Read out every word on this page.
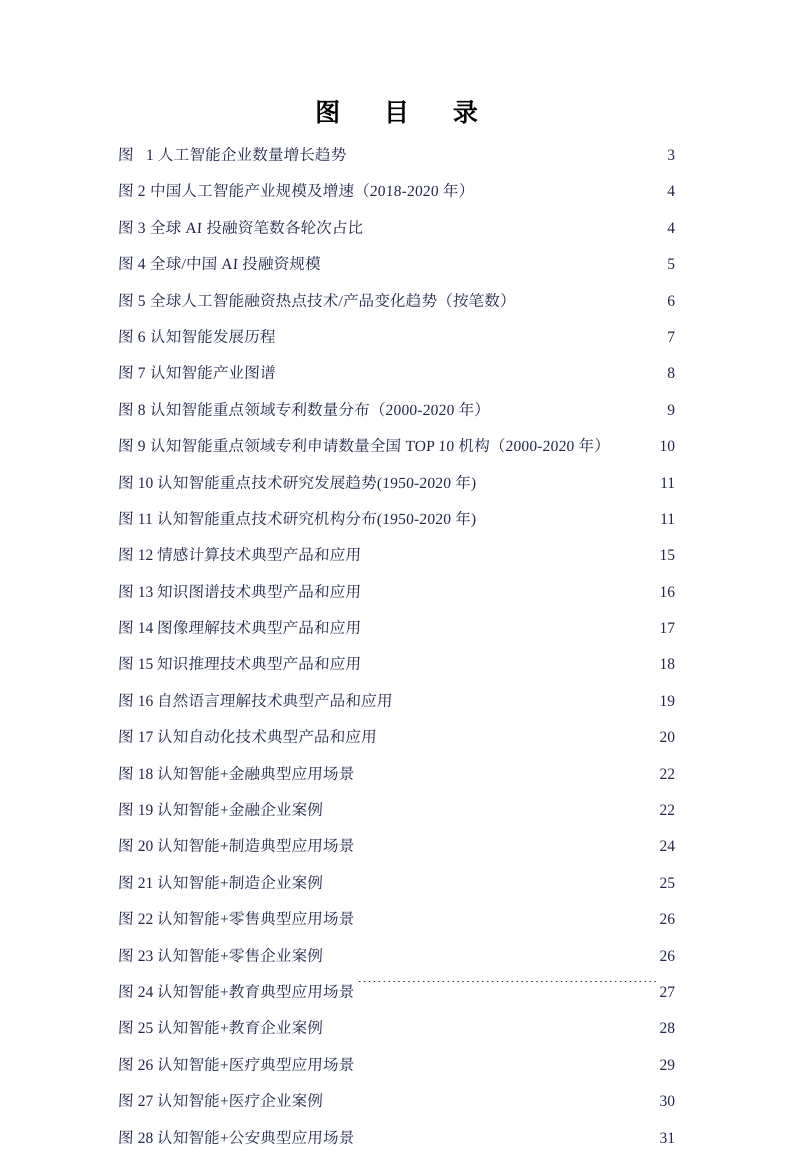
图  目  录
图 1 人工智能企业数量增长趋势 .....	3
图 2 中国人工智能产业规模及增速（2018-2020 年） .....	4
图 3 全球 AI 投融资笔数各轮次占比 .....	4
图 4 全球/中国 AI 投融资规模 .....	5
图 5 全球人工智能融资热点技术/产品变化趋势（按笔数） .....	6
图 6 认知智能发展历程 .....	7
图 7 认知智能产业图谱 .....	8
图 8 认知智能重点领域专利数量分布（2000-2020 年） .....	9
图 9 认知智能重点领域专利申请数量全国 TOP 10 机构（2000-2020 年） .....	10
图 10 认知智能重点技术研究发展趋势(1950-2020 年) .....	11
图 11 认知智能重点技术研究机构分布(1950-2020 年) .....	11
图 12 情感计算技术典型产品和应用 .....	15
图 13 知识图谱技术典型产品和应用 .....	16
图 14 图像理解技术典型产品和应用 .....	17
图 15 知识推理技术典型产品和应用 .....	18
图 16 自然语言理解技术典型产品和应用 .....	19
图 17 认知自动化技术典型产品和应用 .....	20
图 18 认知智能+金融典型应用场景 .....	22
图 19 认知智能+金融企业案例 .....	22
图 20 认知智能+制造典型应用场景 .....	24
图 21 认知智能+制造企业案例 .....	25
图 22 认知智能+零售典型应用场景 .....	26
图 23 认知智能+零售企业案例 .....	26
图 24 认知智能+教育典型应用场景 .....	27
图 25 认知智能+教育企业案例 .....	28
图 26 认知智能+医疗典型应用场景 .....	29
图 27 认知智能+医疗企业案例 .....	30
图 28 认知智能+公安典型应用场景 .....	31
